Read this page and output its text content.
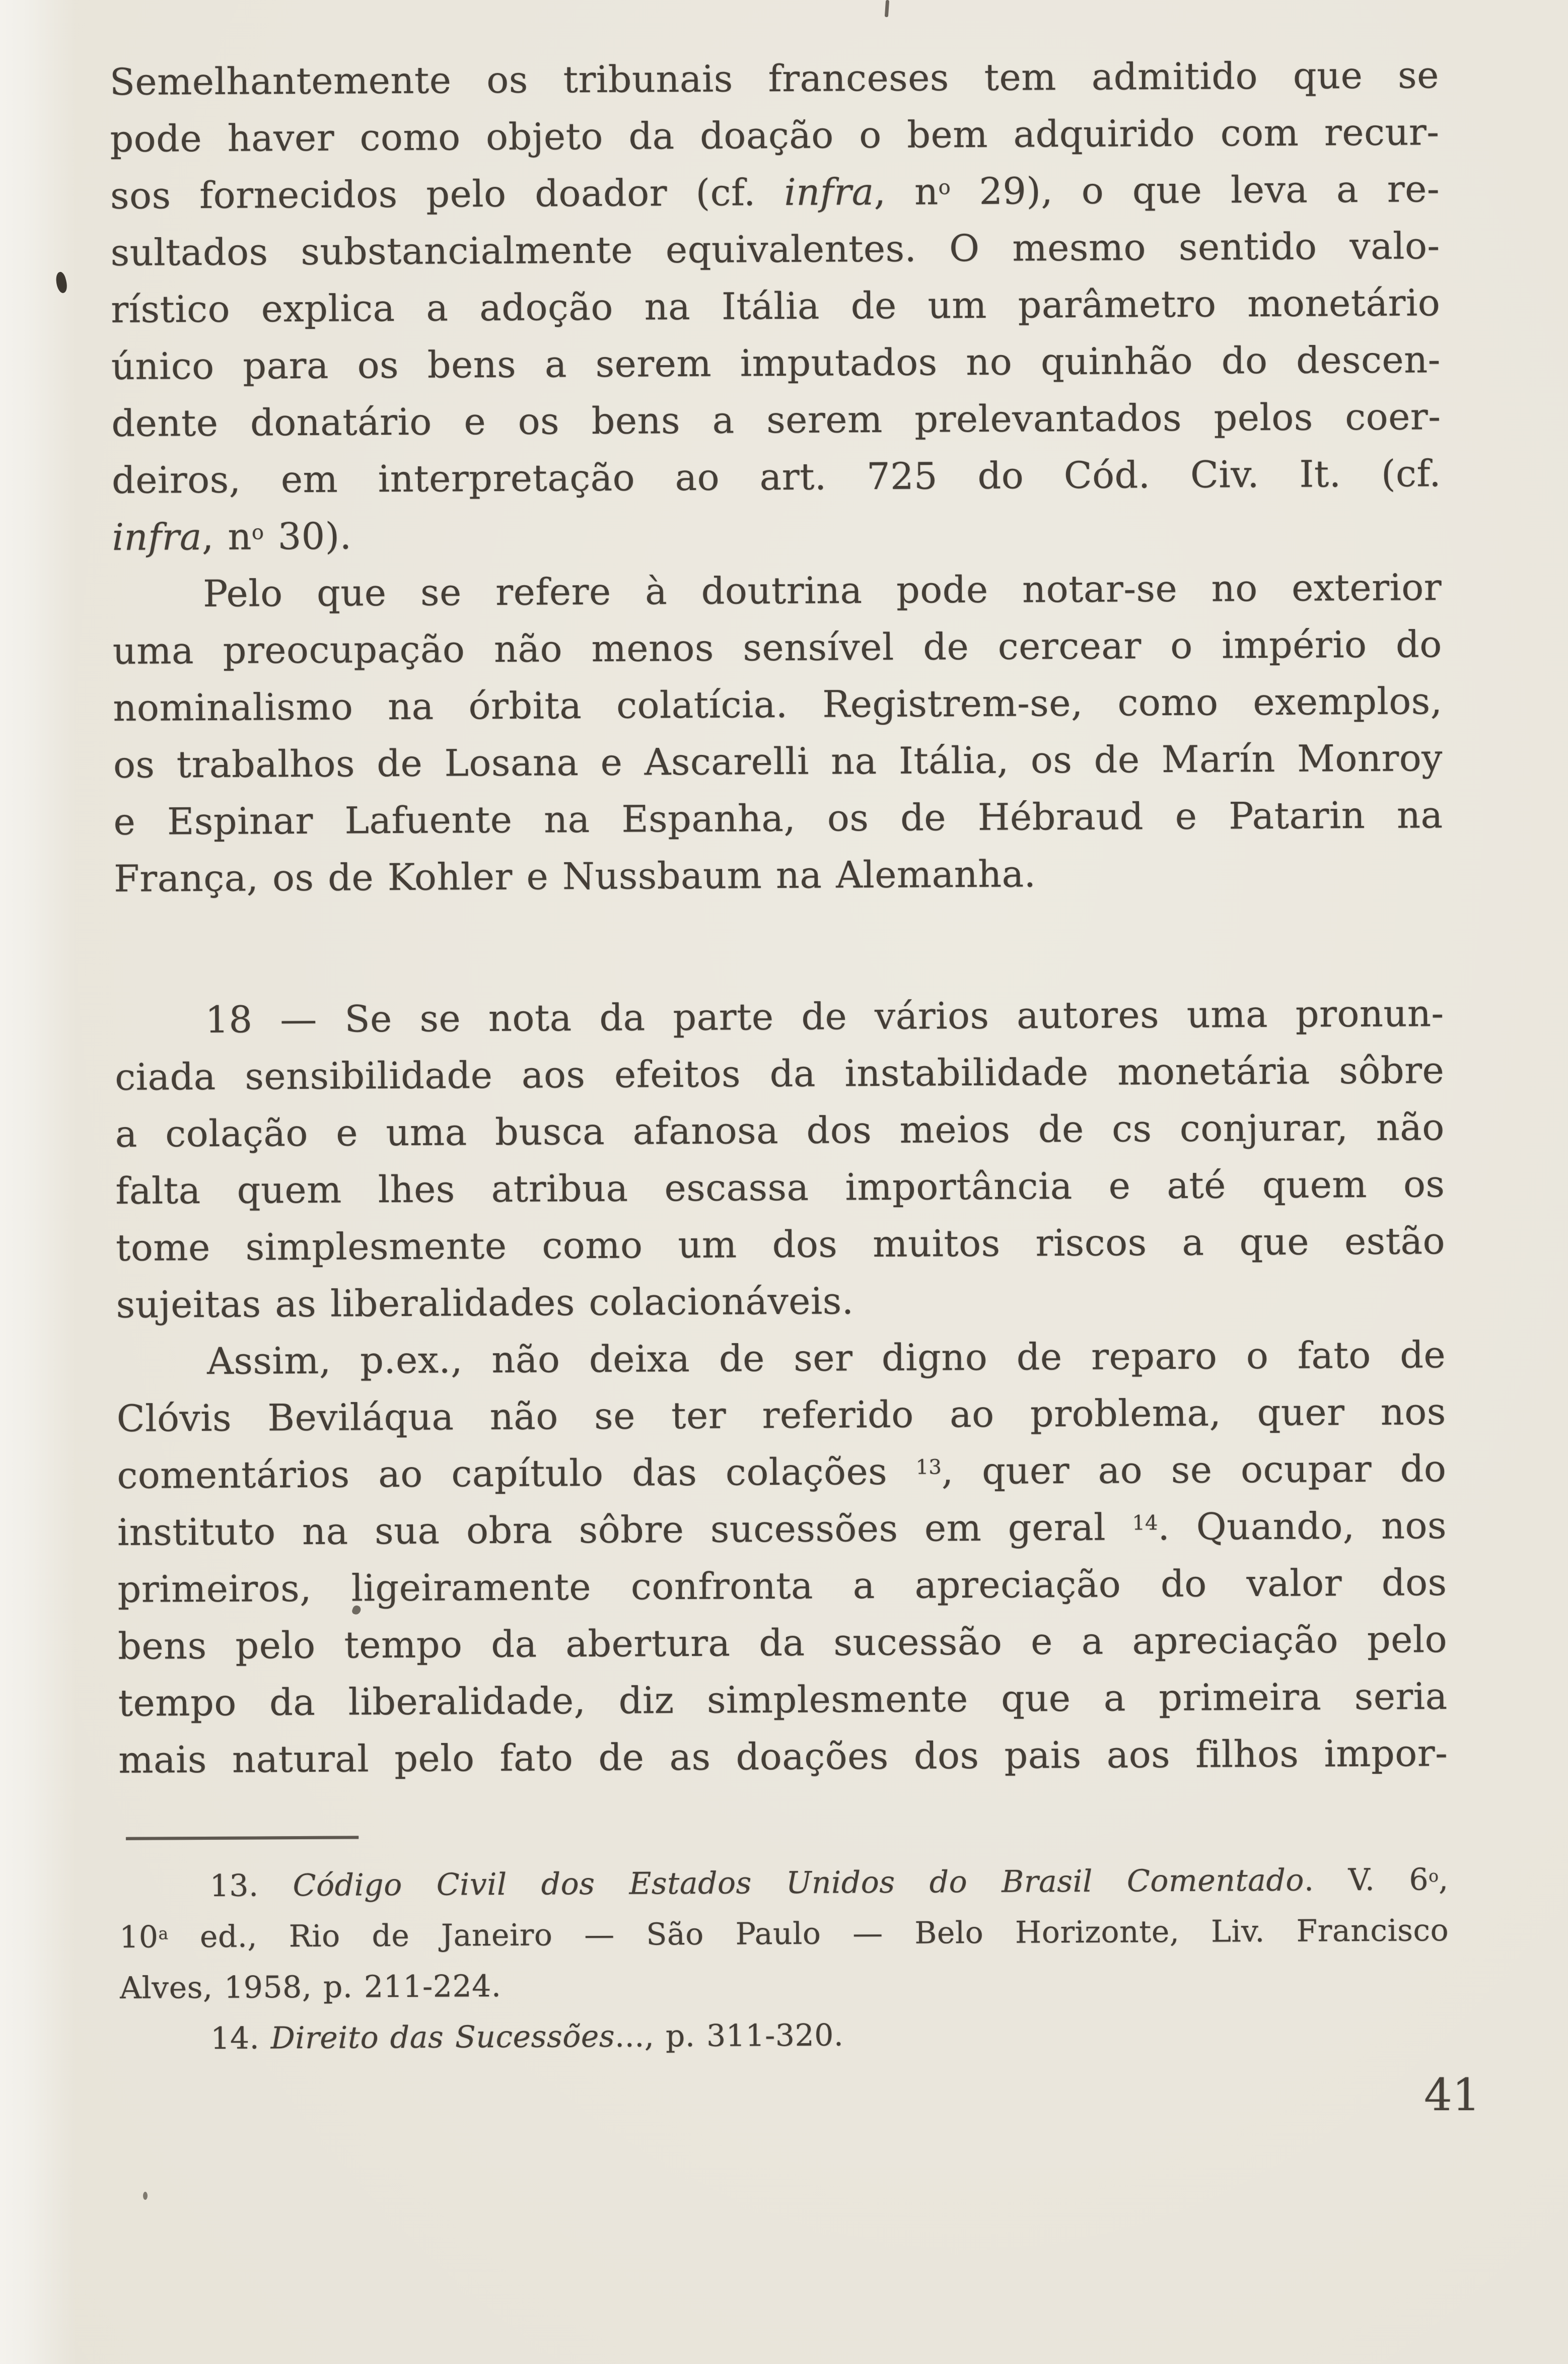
Semelhantemente os tribunais franceses tem admitido que se
pode haver como objeto da doação o bem adquirido com recur-
sos fornecidos pelo doador (cf. infra, $n^o$ 29), o que leva a re-
sultados substancialmente equivalentes. O mesmo sentido valo-
rístico explica a adoção na Itália de um parâmetro monetário
único para os bens a serem imputados no quinhão do descen-
dente donatário e os bens a serem prelevantados pelos coer-
deiros, em interpretação ao art. 725 do Cód. Civ. It. (cf.
infra, $n^o$ 30).
Pelo que se refere à doutrina pode notar-se no exterior
uma preocupação não menos sensível de cercear o império do
nominalismo na órbita colatícia. Registrem-se, como exemplos,
os trabalhos de Losana e Ascarelli na Itália, os de Marín Monroy
e Espinar Lafuente na Espanha, os de Hébraud e Patarin na
França, os de Kohler e Nussbaum na Alemanha.
18 — Se se nota da parte de vários autores uma pronun-
ciada sensibilidade aos efeitos da instabilidade monetária sôbre
a colação e uma busca afanosa dos meios de cs conjurar, não
falta quem lhes atribua escassa importância e até quem os
tome simplesmente como um dos muitos riscos a que estão
sujeitas as liberalidades colacionáveis.
Assim, p.ex., não deixa de ser digno de reparo o fato de
Clóvis Beviláqua não se ter referido ao problema, quer nos
comentários ao capítulo das colações $^{13}$, quer ao se ocupar do
instituto na sua obra sôbre sucessões em geral $^{14}$. Quando, nos
primeiros, ligeiramente confronta a apreciação do valor dos
bens pelo tempo da abertura da sucessão e a apreciação pelo
tempo da liberalidade, diz simplesmente que a primeira seria
mais natural pelo fato de as doações dos pais aos filhos impor-
13. Código Civil dos Estados Unidos do Brasil Comentado. V. 6$^o$,
10$^a$ ed., Rio de Janeiro — São Paulo — Belo Horizonte, Liv. Francisco
Alves, 1958, p. 211-224.
14. Direito das Sucessões..., p. 311-320.
41
